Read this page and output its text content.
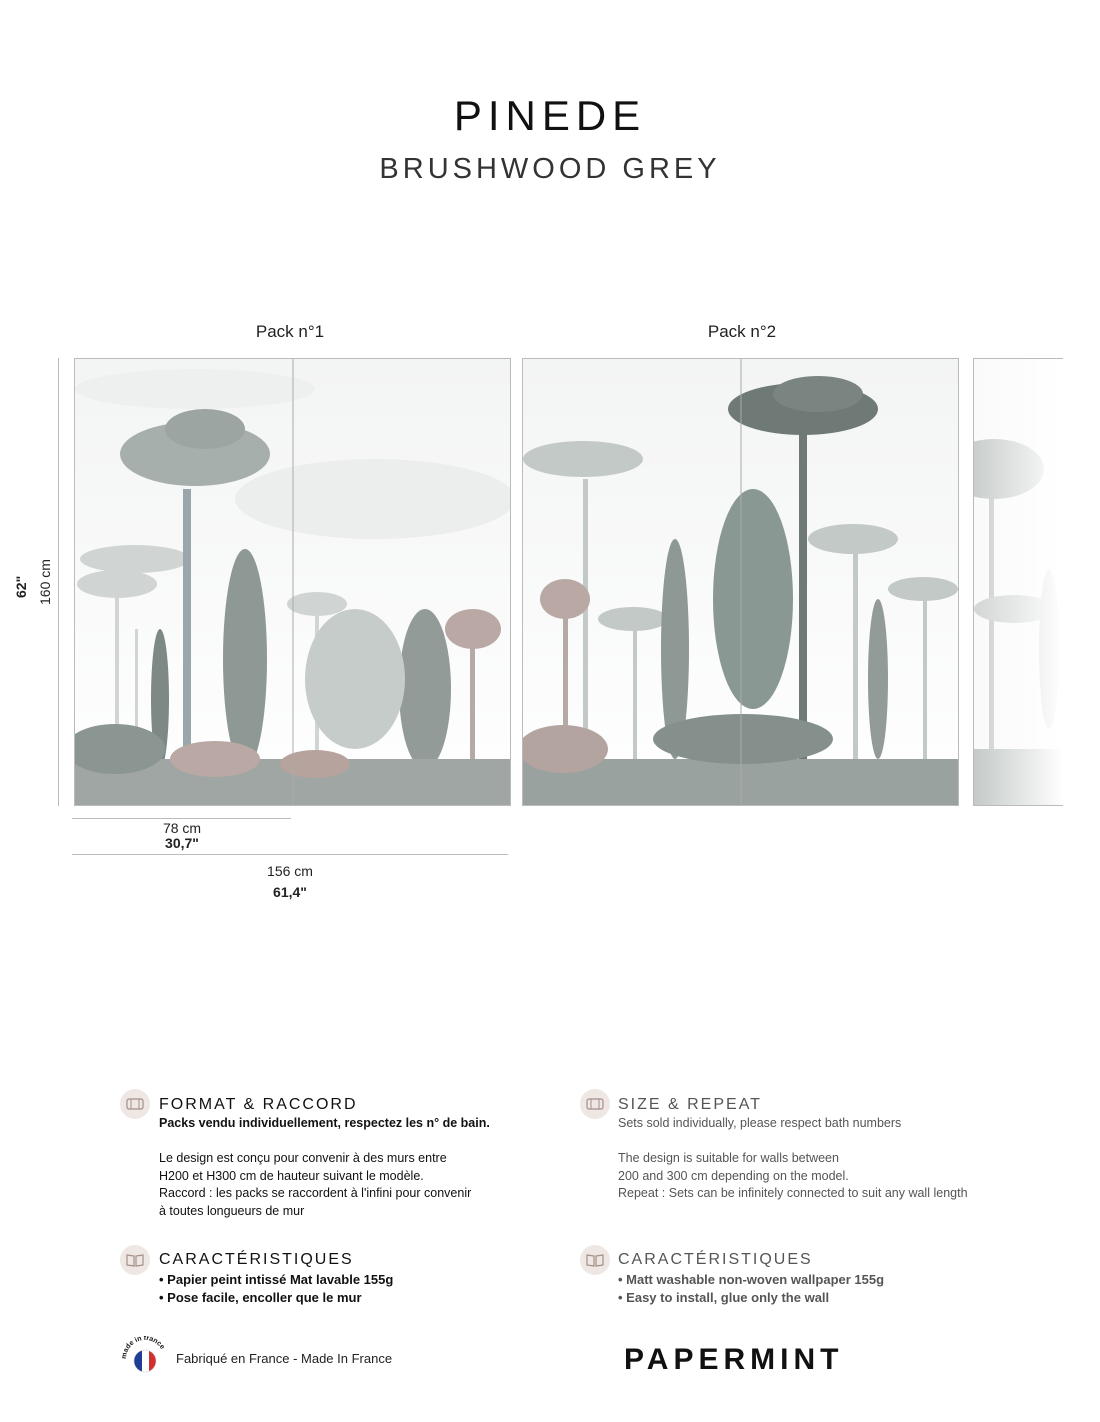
PINEDE
BRUSHWOOD GREY
Pack n°1	Pack n°2
62" 160 cm
78 cm
30,7"
156 cm
61,4"
FORMAT & RACCORD
Packs vendu individuellement, respectez les n° de bain.
Le design est conçu pour convenir à des murs entre
H200 et H300 cm de hauteur suivant le modèle.
Raccord : les packs se raccordent à l'infini pour convenir
à toutes longueurs de mur
SIZE & REPEAT
Sets sold individually, please respect bath numbers
The design is suitable for walls between
200 and 300 cm depending on the model.
Repeat : Sets can be infinitely connected to suit any wall length
CARACTÉRISTIQUES
• Papier peint intissé Mat lavable 155g
• Pose facile, encoller que le mur
CARACTÉRISTIQUES
• Matt washable non-woven wallpaper 155g
• Easy to install, glue only the wall
ade in france
Fabriqué en France - Made In France	PAPERMINT
